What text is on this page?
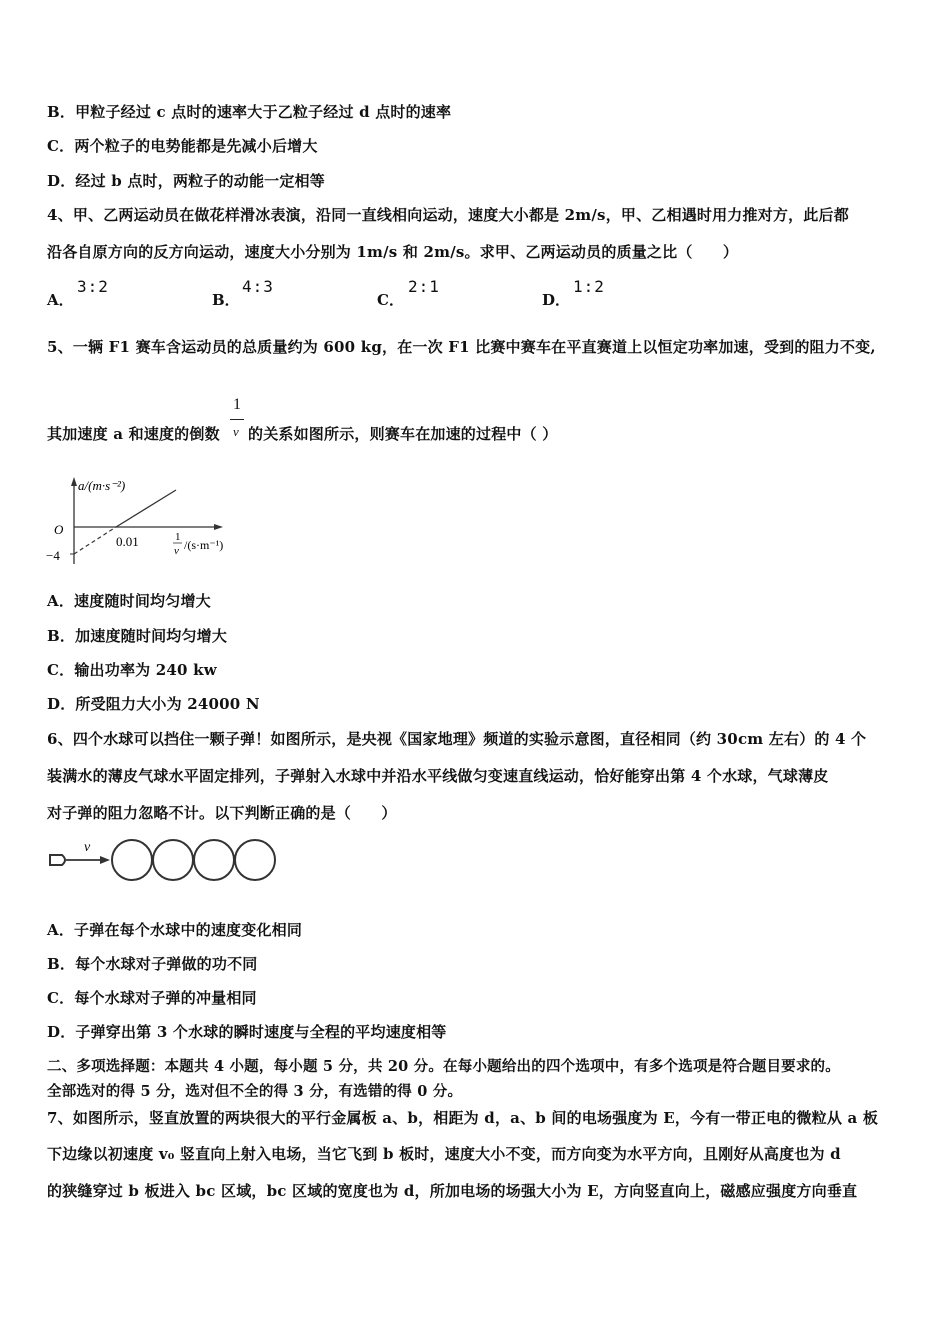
B．甲粒子经过 c 点时的速率大于乙粒子经过 d 点时的速率
C．两个粒子的电势能都是先减小后增大
D．经过 b 点时，两粒子的动能一定相等
4、甲、乙两运动员在做花样滑冰表演，沿同一直线相向运动，速度大小都是 2m/s，甲、乙相遇时用力推对方，此后都
沿各自原方向的反方向运动，速度大小分别为 1m/s 和 2m/s。求甲、乙两运动员的质量之比（　　）
A．
3:2
B．
4:3
C．
2:1
D．
1:2
5、一辆 F1 赛车含运动员的总质量约为 600 kg，在一次 F1 比赛中赛车在平直赛道上以恒定功率加速，受到的阻力不变,
其加速度 a 和速度的倒数
1
v 的关系如图所示，则赛车在加速的过程中（ ）
a/(m·s⁻²)
O
−4
0.01	1
v /(s·m⁻¹)
A．速度随时间均匀增大
B．加速度随时间均匀增大
C．输出功率为 240 kw
D．所受阻力大小为 24000 N
6、四个水球可以挡住一颗子弹！如图所示，是央视《国家地理》频道的实验示意图，直径相同（约 30cm 左右）的 4 个
装满水的薄皮气球水平固定排列，子弹射入水球中并沿水平线做匀变速直线运动，恰好能穿出第 4 个水球，气球薄皮
对子弹的阻力忽略不计。以下判断正确的是（　　）
v
A．子弹在每个水球中的速度变化相同
B．每个水球对子弹做的功不同
C．每个水球对子弹的冲量相同
D．子弹穿出第 3 个水球的瞬时速度与全程的平均速度相等
二、多项选择题：本题共 4 小题，每小题 5 分，共 20 分。在每小题给出的四个选项中，有多个选项是符合题目要求的。
全部选对的得 5 分，选对但不全的得 3 分，有选错的得 0 分。
7、如图所示，竖直放置的两块很大的平行金属板 a、b，相距为 d，a、b 间的电场强度为 E，今有一带正电的微粒从 a 板
下边缘以初速度 v₀ 竖直向上射入电场，当它飞到 b 板时，速度大小不变，而方向变为水平方向，且刚好从高度也为 d
的狭缝穿过 b 板进入 bc 区域，bc 区域的宽度也为 d，所加电场的场强大小为 E，方向竖直向上，磁感应强度方向垂直
